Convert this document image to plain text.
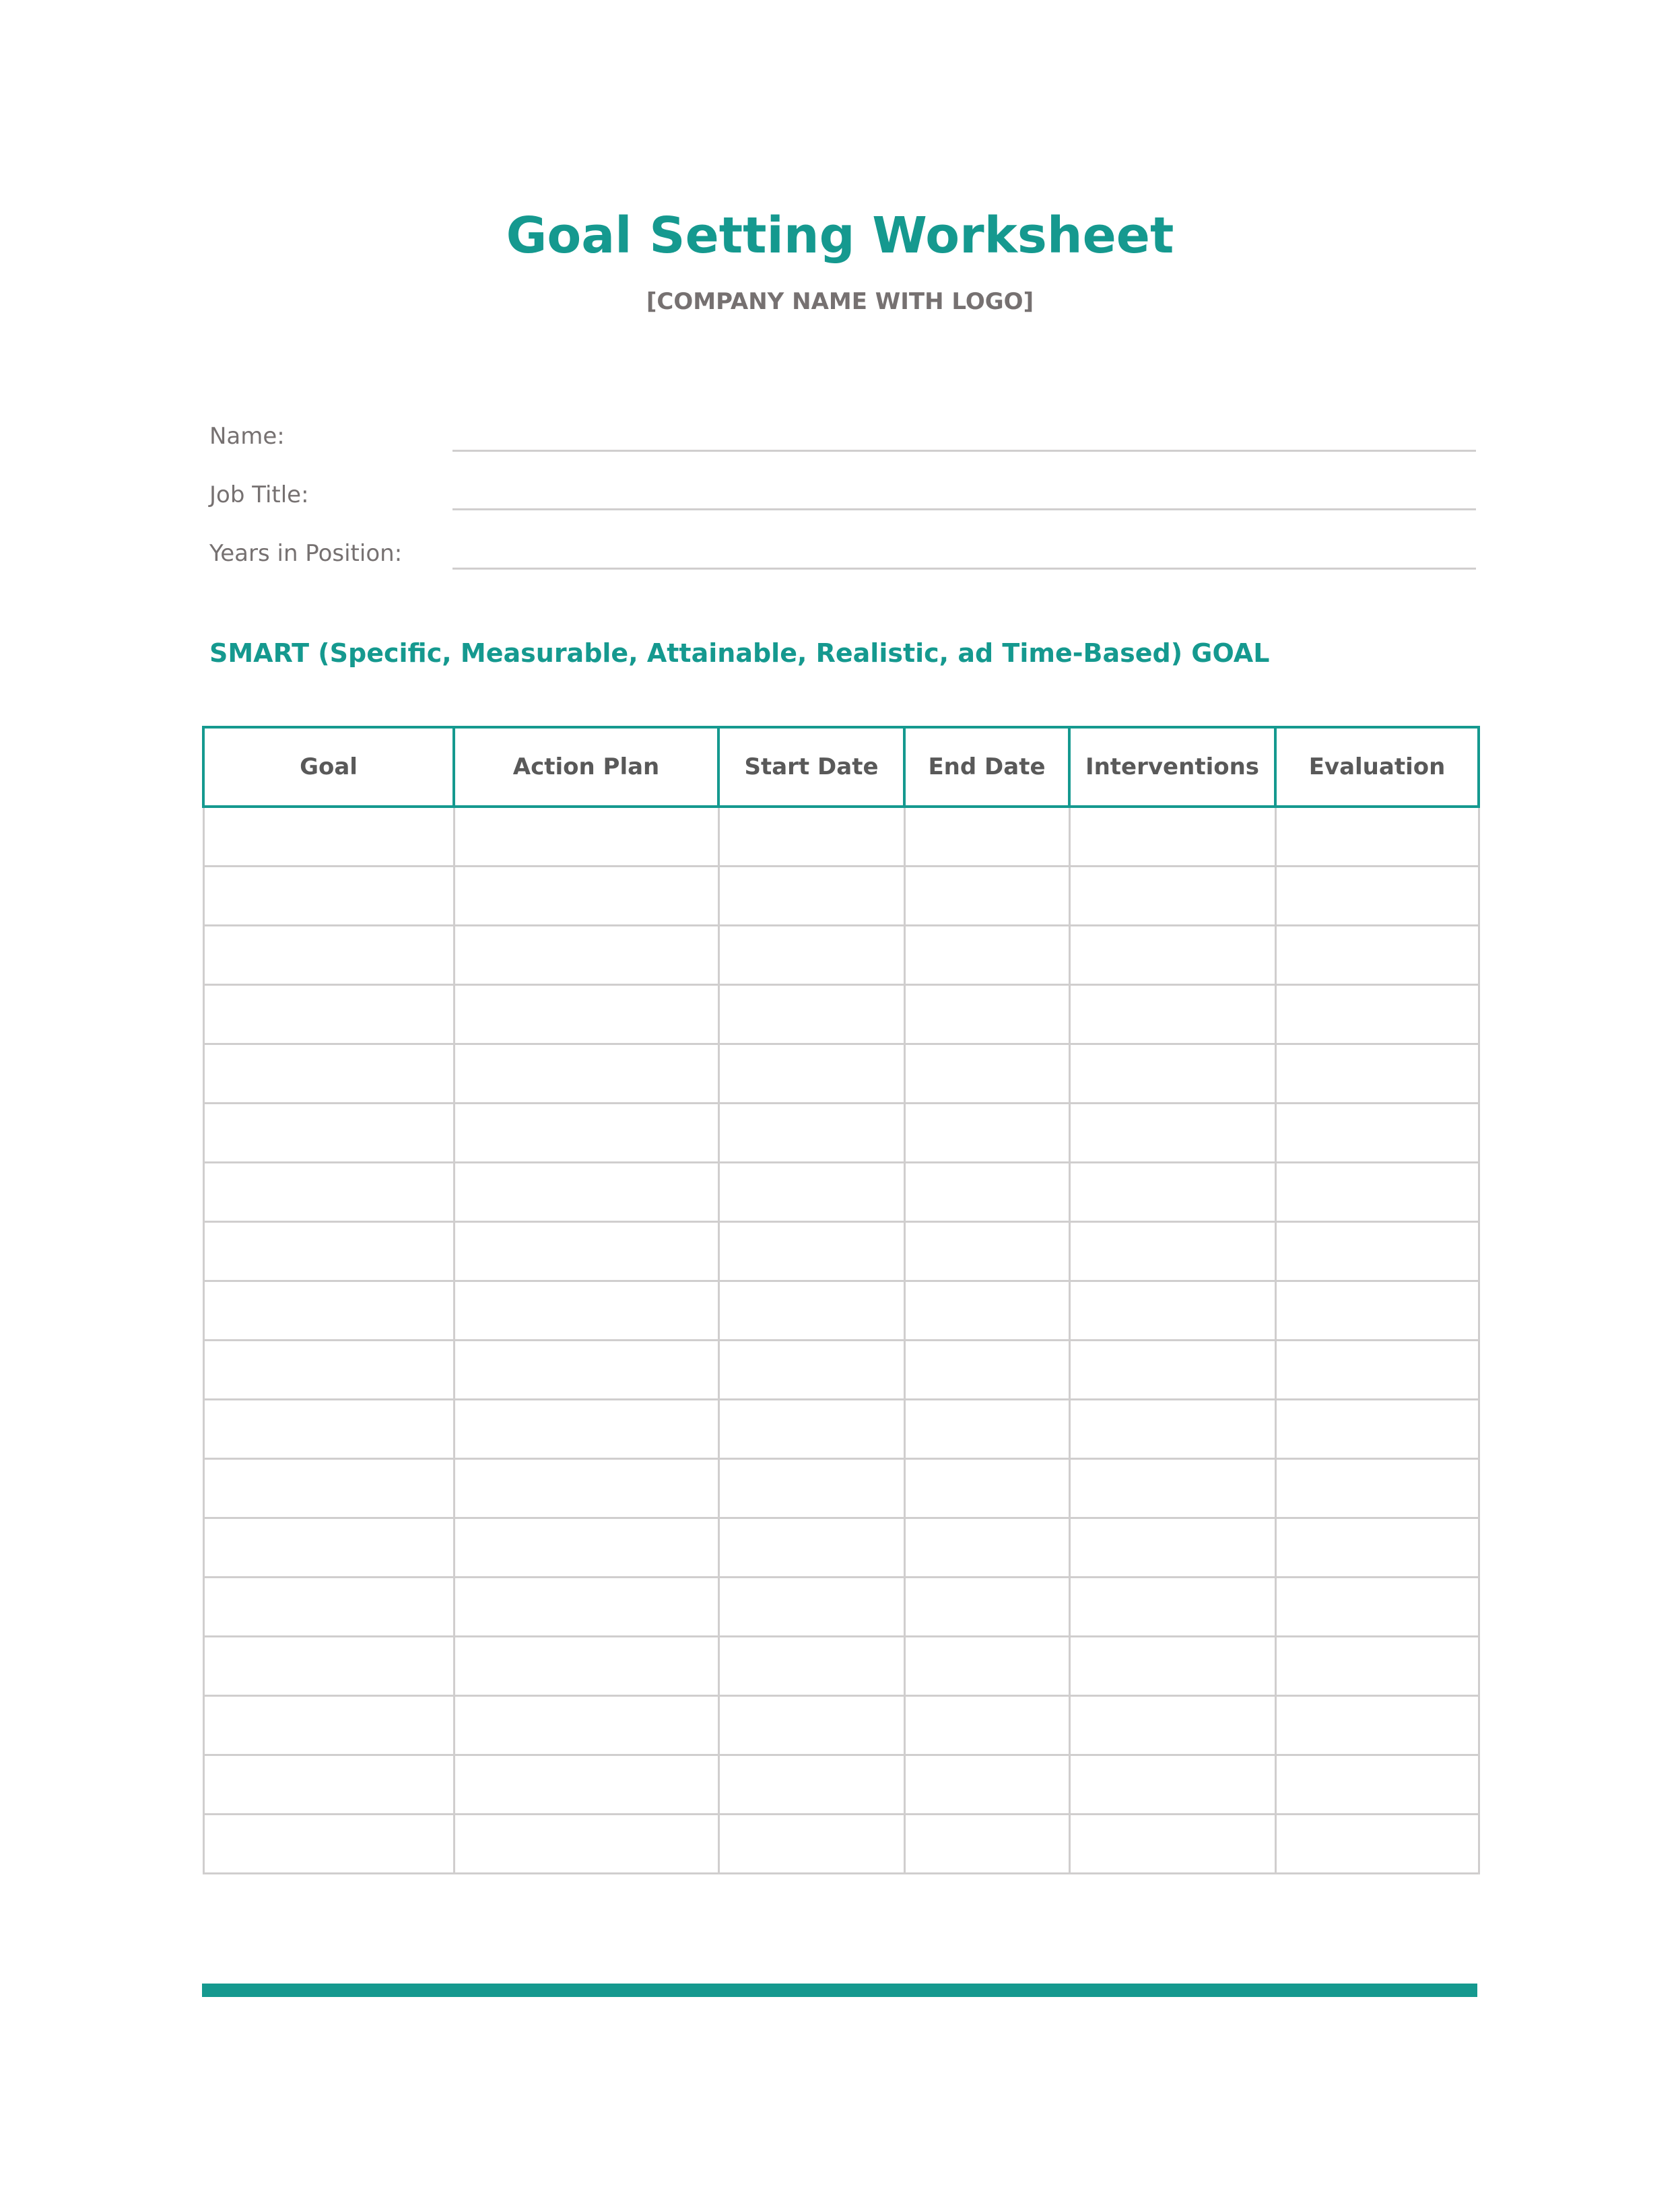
Goal Setting Worksheet
[COMPANY NAME WITH LOGO]
Name:
Job Title:
Years in Position:
SMART (Specific, Measurable, Attainable, Realistic, ad Time-Based) GOAL
Goal	Action Plan	Start Date	End Date	Interventions	Evaluation
